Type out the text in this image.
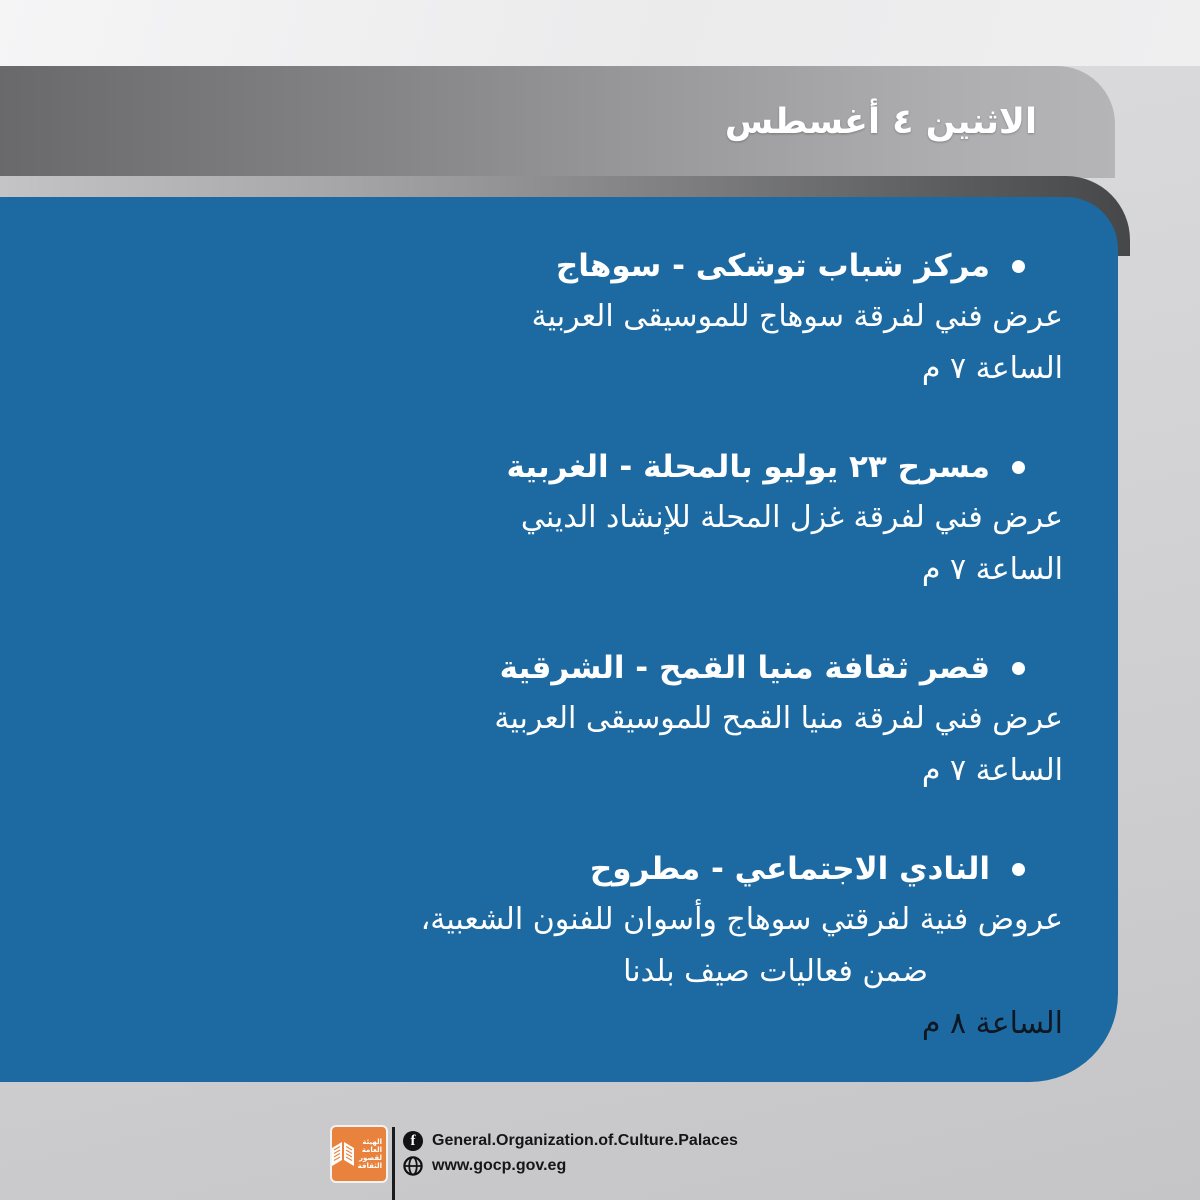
الاثنين ٤ أغسطس
مركز شباب توشكى - سوهاج
عرض فني لفرقة سوهاج للموسيقى العربية
الساعة ٧ م
مسرح ٢٣ يوليو بالمحلة - الغربية
عرض فني لفرقة غزل المحلة للإنشاد الديني
الساعة ٧ م
قصر ثقافة منيا القمح - الشرقية
عرض فني لفرقة منيا القمح للموسيقى العربية
الساعة ٧ م
النادي الاجتماعي - مطروح
عروض فنية لفرقتي سوهاج وأسوان للفنون الشعبية،
ضمن فعاليات صيف بلدنا
الساعة ٨ م
الهيئة
العامة
لقصور
الثقافة
f	General.Organization.of.Culture.Palaces
www.gocp.gov.eg
